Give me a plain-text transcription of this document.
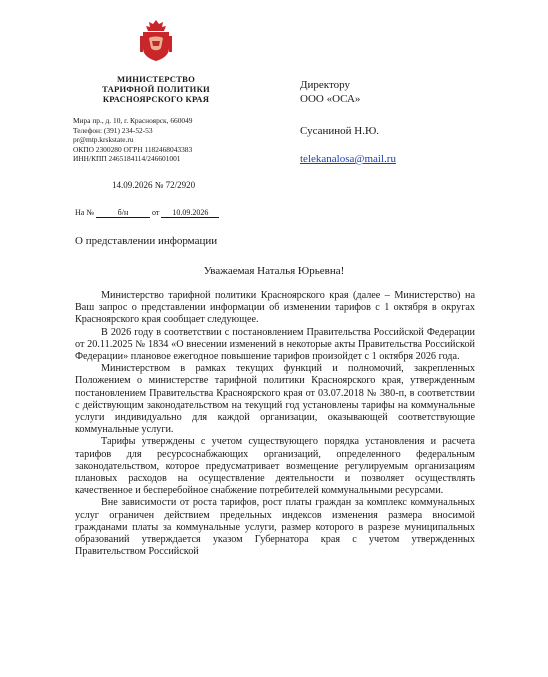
МИНИСТЕРСТВО
ТАРИФНОЙ ПОЛИТИКИ
КРАСНОЯРСКОГО КРАЯ
Мира пр., д. 10, г. Красноярск, 660049
Телефон: (391) 234-52-53
pr@mtp.krskstate.ru
ОКПО 2300280 ОГРН 1182468043383
ИНН/КПП 2465184114/246601001
14.09.2026 № 72/2920
На №	б/н	от 10.09.2026
Директору
ООО «ОСА»
Сусаниной Н.Ю.
telekanalosa@mail.ru
О представлении информации
Уважаемая Наталья Юрьевна!

Министерство тарифной политики Красноярского края (далее – Министерство) на Ваш запрос о представлении информации об изменении тарифов с 1 октября в округах Красноярского края сообщает следующее.

В 2026 году в соответствии с постановлением Правительства Российской Федерации от 20.11.2025 № 1834 «О внесении изменений в некоторые акты Правительства Российской Федерации» плановое ежегодное повышение тарифов произойдет с 1 октября 2026 года.

Министерством в рамках текущих функций и полномочий, закрепленных Положением о министерстве тарифной политики Красноярского края, утвержденным постановлением Правительства Красноярского края от 03.07.2018 № 380-п, в соответствии с действующим законодательством на текущий год установлены тарифы на коммунальные услуги индивидуально для каждой организации, оказывающей соответствующие коммунальные услуги.

Тарифы утверждены с учетом существующего порядка установления и расчета тарифов для ресурсоснабжающих организаций, определенного федеральным законодательством, которое предусматривает возмещение регулируемым организациям плановых расходов на осуществление деятельности и позволяет осуществлять качественное и бесперебойное снабжение потребителей коммунальными ресурсами.

Вне зависимости от роста тарифов, рост платы граждан за комплекс коммунальных услуг ограничен действием предельных индексов изменения размера вносимой гражданами платы за коммунальные услуги, размер которого в разрезе муниципальных образований утверждается указом Губернатора края с учетом утвержденных Правительством Российской
